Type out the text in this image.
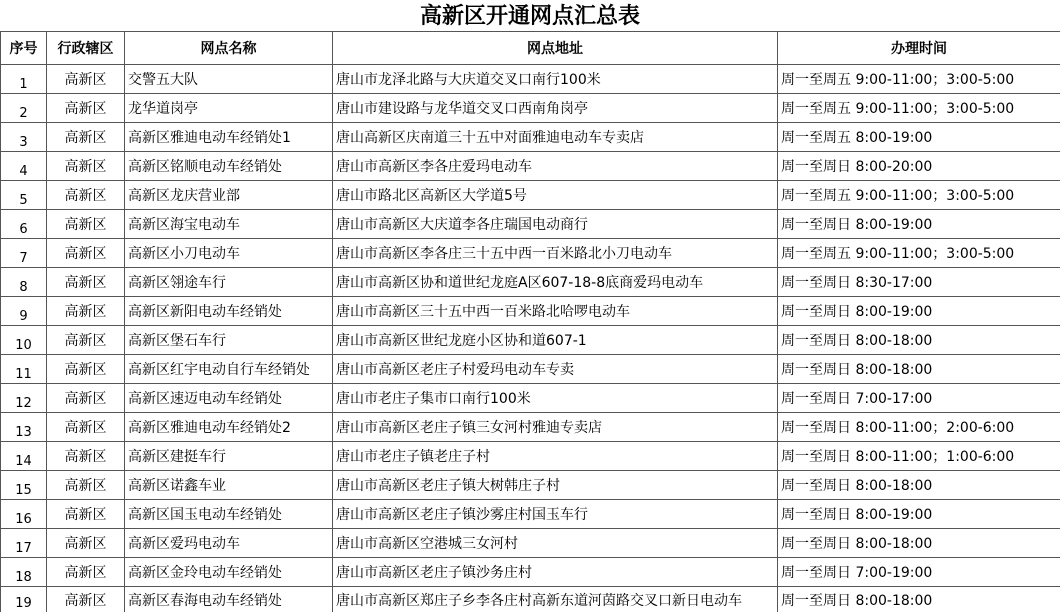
高新区开通网点汇总表
序号	行政辖区	网点名称	网点地址	办理时间
1	高新区	交警五大队	唐山市龙泽北路与大庆道交叉口南行100米	周一至周五 9:00-11:00；3:00-5:00
2	高新区	龙华道岗亭	唐山市建设路与龙华道交叉口西南角岗亭	周一至周五 9:00-11:00；3:00-5:00
3	高新区	高新区雅迪电动车经销处1	唐山高新区庆南道三十五中对面雅迪电动车专卖店	周一至周五 8:00-19:00
4	高新区	高新区铭顺电动车经销处	唐山市高新区李各庄爱玛电动车	周一至周日 8:00-20:00
5	高新区	高新区龙庆营业部	唐山市路北区高新区大学道5号	周一至周五 9:00-11:00；3:00-5:00
6	高新区	高新区海宝电动车	唐山市高新区大庆道李各庄瑞国电动商行	周一至周日 8:00-19:00
7	高新区	高新区小刀电动车	唐山市高新区李各庄三十五中西一百米路北小刀电动车	周一至周五 9:00-11:00；3:00-5:00
8	高新区	高新区翎途车行	唐山市高新区协和道世纪龙庭A区607-18-8底商爱玛电动车	周一至周日 8:30-17:00
9	高新区	高新区新阳电动车经销处	唐山市高新区三十五中西一百米路北哈啰电动车	周一至周日 8:00-19:00
10	高新区	高新区堡石车行	唐山市高新区世纪龙庭小区协和道607-1	周一至周日 8:00-18:00
11	高新区	高新区红宇电动自行车经销处	唐山市高新区老庄子村爱玛电动车专卖	周一至周日 8:00-18:00
12	高新区	高新区速迈电动车经销处	唐山市老庄子集市口南行100米	周一至周日 7:00-17:00
13	高新区	高新区雅迪电动车经销处2	唐山市高新区老庄子镇三女河村雅迪专卖店	周一至周日 8:00-11:00；2:00-6:00
14	高新区	高新区建挺车行	唐山市老庄子镇老庄子村	周一至周日 8:00-11:00；1:00-6:00
15	高新区	高新区诺鑫车业	唐山市高新区老庄子镇大树韩庄子村	周一至周日 8:00-18:00
16	高新区	高新区国玉电动车经销处	唐山市高新区老庄子镇沙雾庄村国玉车行	周一至周日 8:00-19:00
17	高新区	高新区爱玛电动车	唐山市高新区空港城三女河村	周一至周日 8:00-18:00
18	高新区	高新区金玲电动车经销处	唐山市高新区老庄子镇沙务庄村	周一至周日 7:00-19:00
19	高新区	高新区春海电动车经销处	唐山市高新区郑庄子乡李各庄村高新东道河茵路交叉口新日电动车	周一至周日 8:00-18:00
